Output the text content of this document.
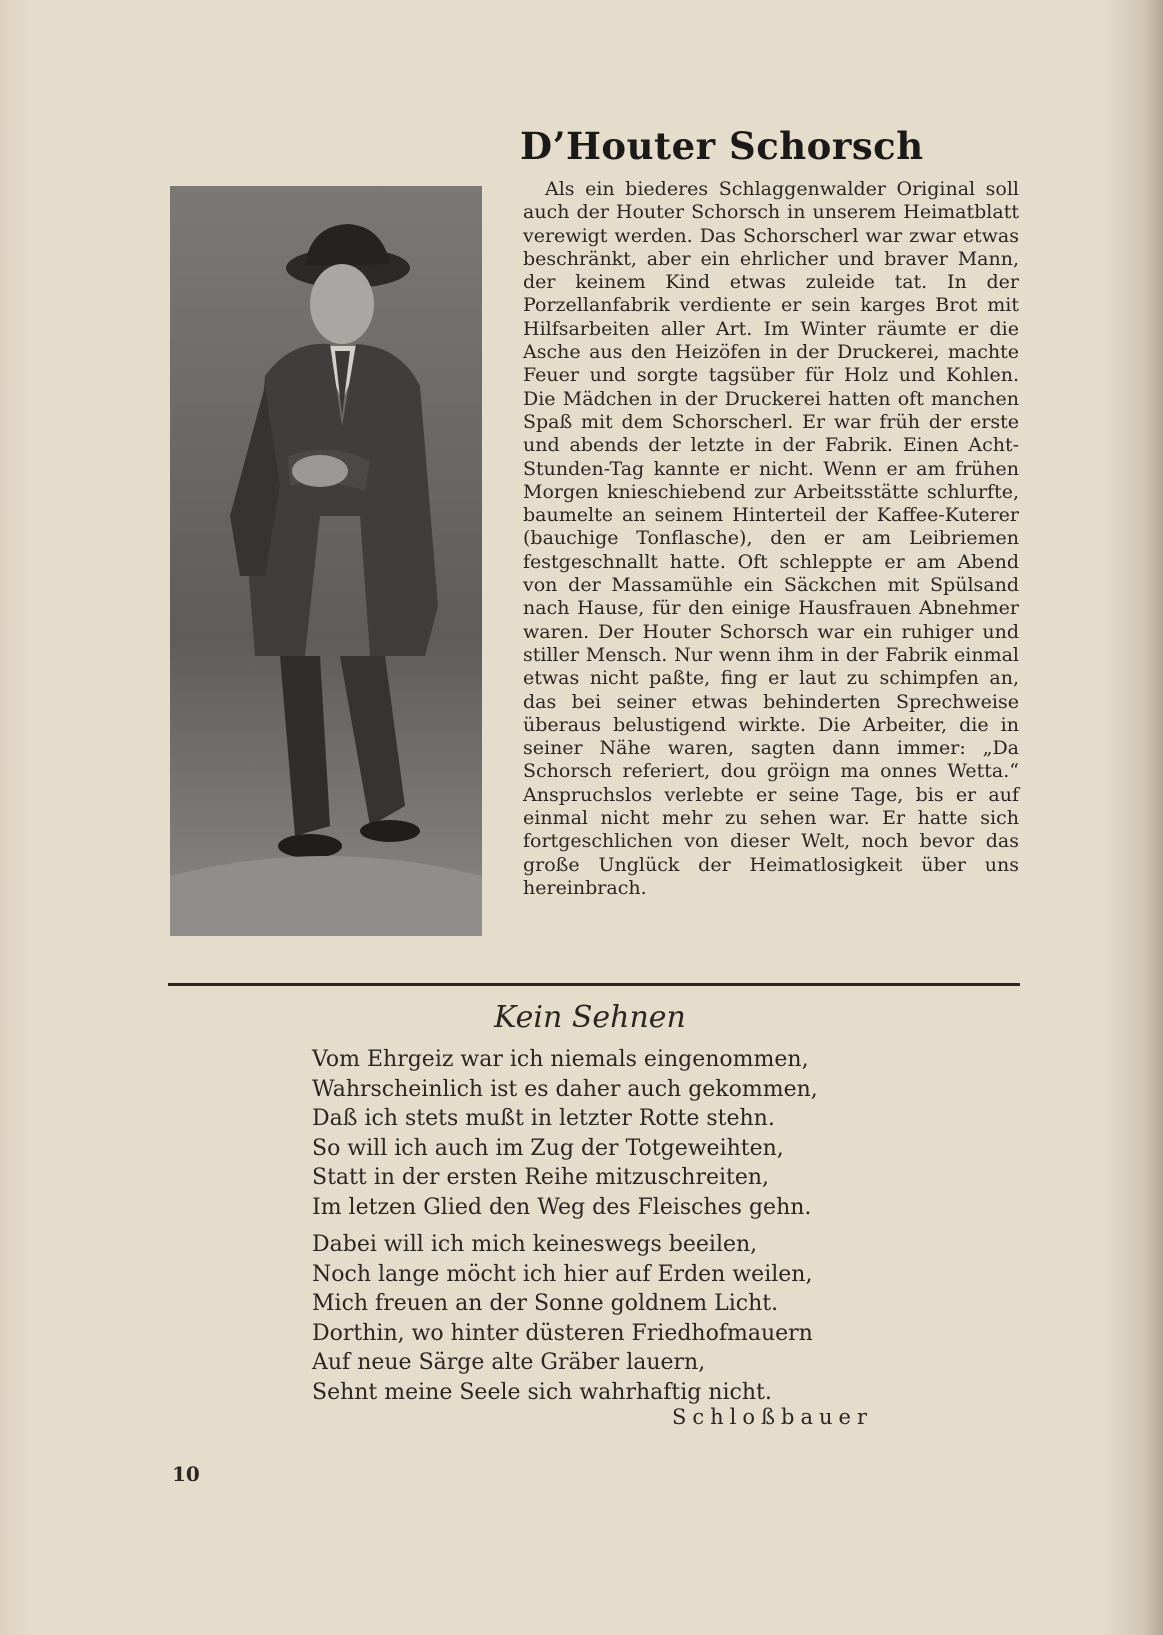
D’Houter Schorsch

Als ein biederes Schlaggenwalder Original soll auch der Houter Schorsch in unserem Heimatblatt verewigt werden. Das Schorscherl war zwar etwas beschränkt, aber ein ehrlicher und braver Mann, der keinem Kind etwas zuleide tat. In der Porzellanfabrik verdiente er sein karges Brot mit Hilfsarbeiten aller Art. Im Winter räumte er die Asche aus den Heizöfen in der Druckerei, machte Feuer und sorgte tagsüber für Holz und Kohlen. Die Mädchen in der Druckerei hatten oft manchen Spaß mit dem Schorscherl. Er war früh der erste und abends der letzte in der Fabrik. Einen Acht-Stunden-Tag kannte er nicht. Wenn er am frühen Morgen knieschiebend zur Arbeitsstätte schlurfte, baumelte an seinem Hinterteil der Kaffee-Kuterer (bauchige Tonflasche), den er am Leibriemen festgeschnallt hatte. Oft schleppte er am Abend von der Massamühle ein Säckchen mit Spülsand nach Hause, für den einige Hausfrauen Abnehmer waren. Der Houter Schorsch war ein ruhiger und stiller Mensch. Nur wenn ihm in der Fabrik einmal etwas nicht paßte, fing er laut zu schimpfen an, das bei seiner etwas behinderten Sprechweise überaus belustigend wirkte. Die Arbeiter, die in seiner Nähe waren, sagten dann immer: „Da Schorsch referiert, dou gröign ma onnes Wetta.“ Anspruchslos verlebte er seine Tage, bis er auf einmal nicht mehr zu sehen war. Er hatte sich fortgeschlichen von dieser Welt, noch bevor das große Unglück der Heimatlosigkeit über uns hereinbrach.

Kein Sehnen
Vom Ehrgeiz war ich niemals eingenommen,
Wahrscheinlich ist es daher auch gekommen,
Daß ich stets mußt in letzter Rotte stehn.
So will ich auch im Zug der Totgeweihten,
Statt in der ersten Reihe mitzuschreiten,
Im letzen Glied den Weg des Fleisches gehn.
Dabei will ich mich keineswegs beeilen,
Noch lange möcht ich hier auf Erden weilen,
Mich freuen an der Sonne goldnem Licht.
Dorthin, wo hinter düsteren Friedhofmauern
Auf neue Särge alte Gräber lauern,
Sehnt meine Seele sich wahrhaftig nicht.
Schloßbauer
10
